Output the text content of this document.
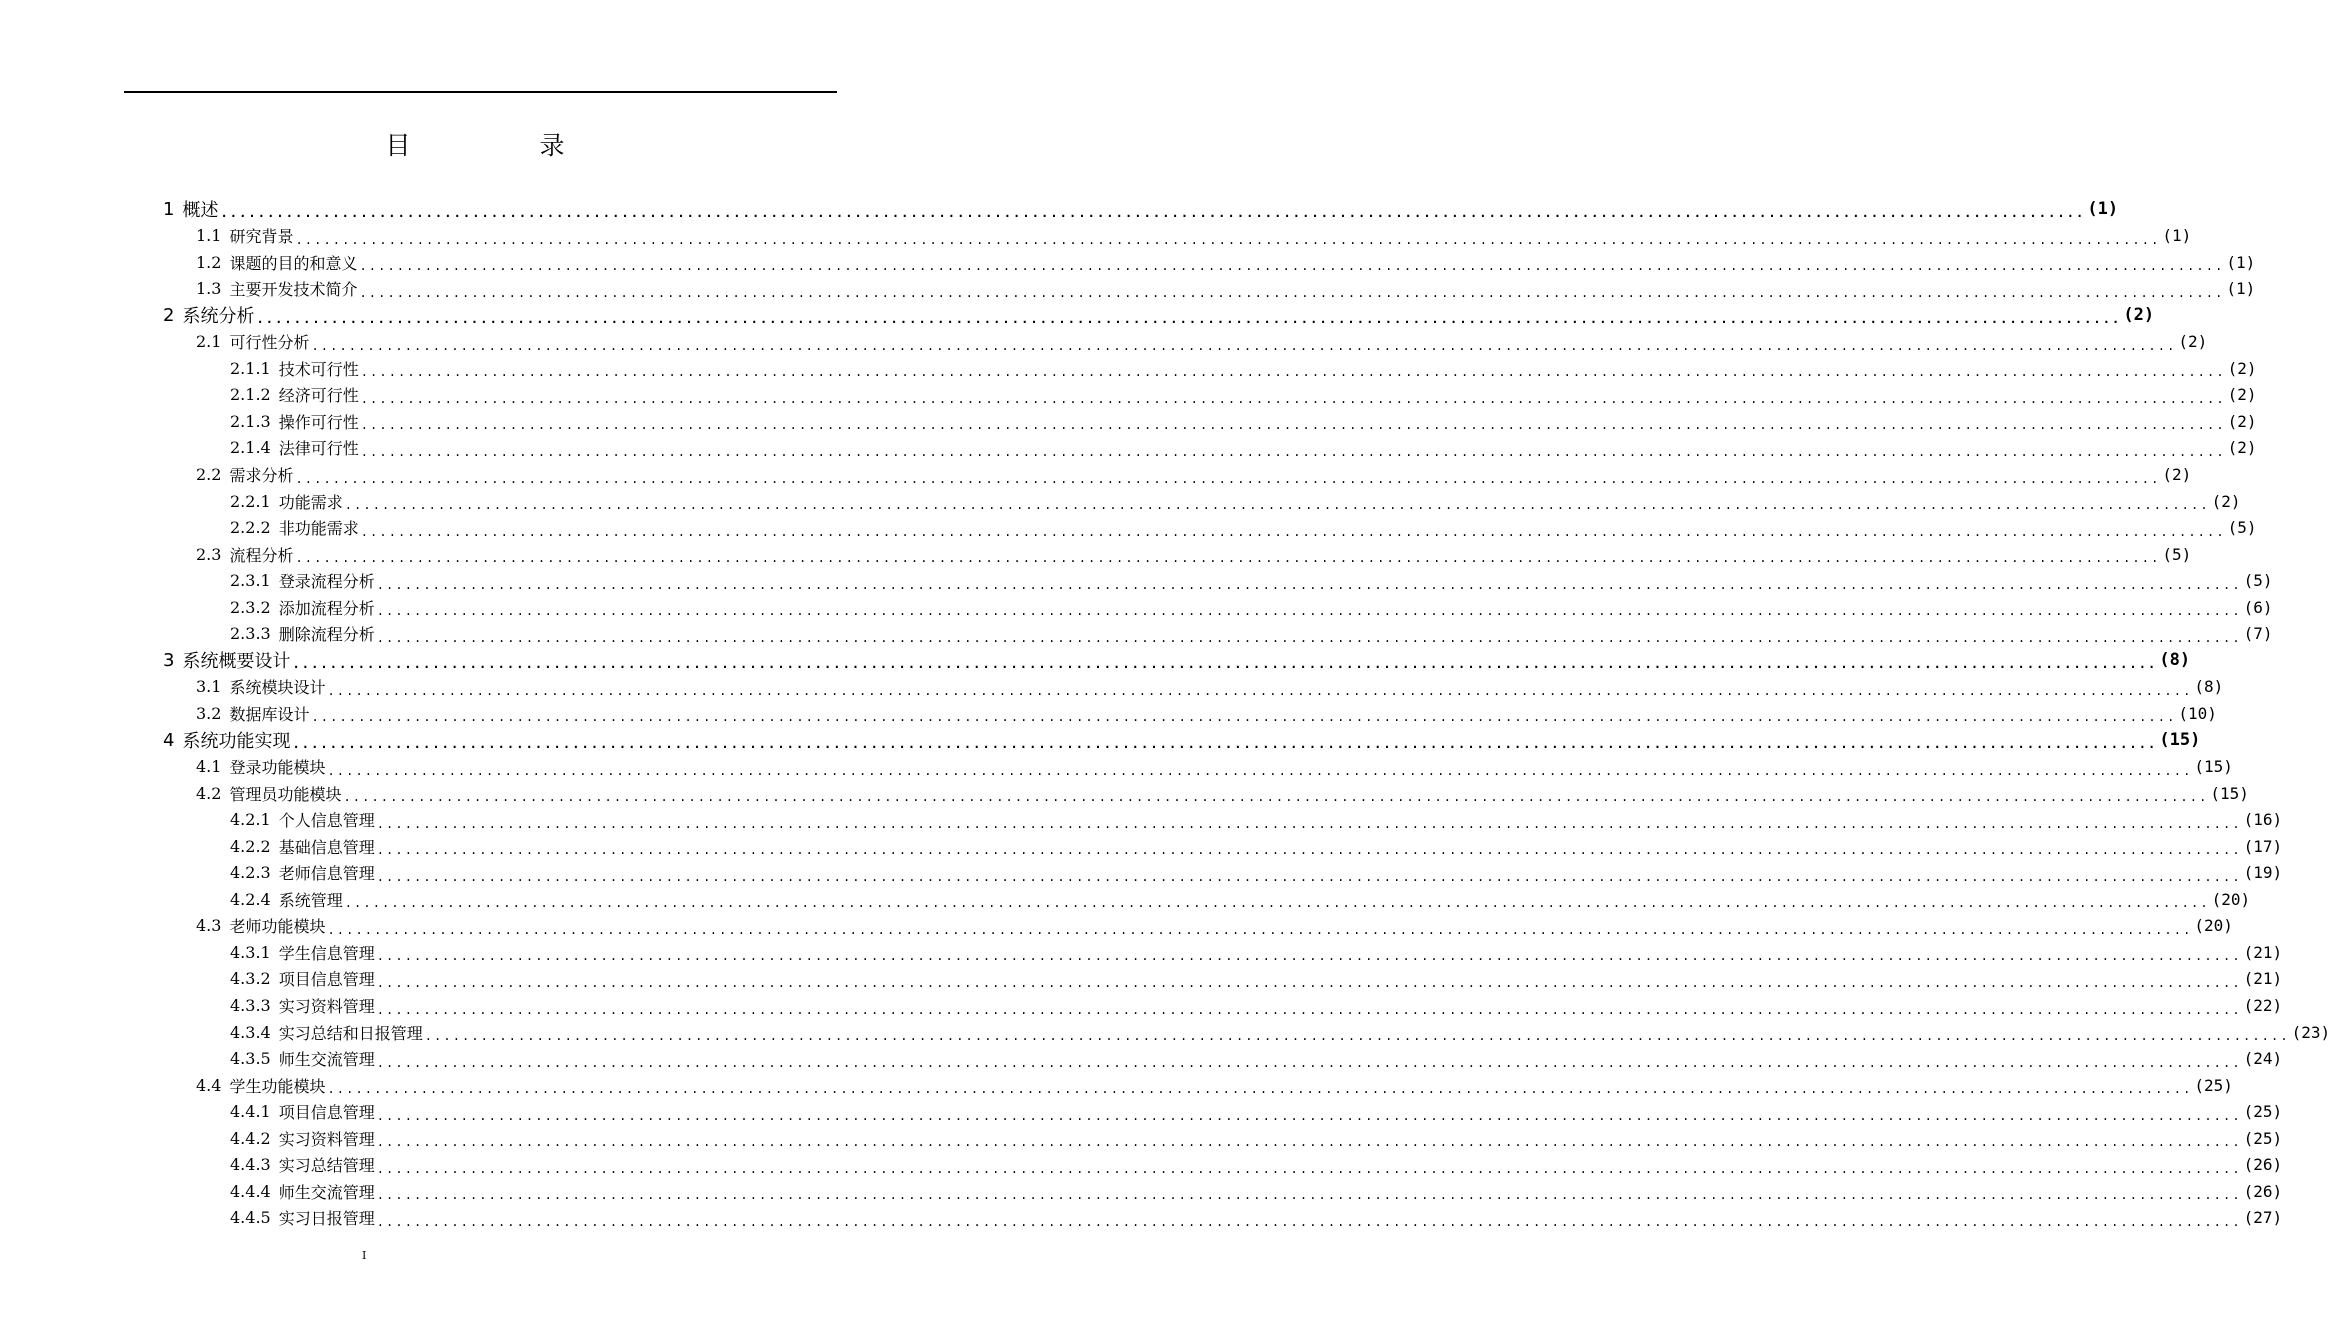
目　录
1 概述 ........................................................................................................................................................................................................ (1)
1.1 研究背景 ........................................................................................................................................................................................................ (1)
1.2 课题的目的和意义 ........................................................................................................................................................................................................ (1)
1.3 主要开发技术简介 ........................................................................................................................................................................................................ (1)
2 系统分析 ........................................................................................................................................................................................................ (2)
2.1 可行性分析 ........................................................................................................................................................................................................ (2)
2.1.1 技术可行性 ........................................................................................................................................................................................................ (2)
2.1.2 经济可行性 ........................................................................................................................................................................................................ (2)
2.1.3 操作可行性 ........................................................................................................................................................................................................ (2)
2.1.4 法律可行性 ........................................................................................................................................................................................................ (2)
2.2 需求分析 ........................................................................................................................................................................................................ (2)
2.2.1 功能需求 ........................................................................................................................................................................................................ (2)
2.2.2 非功能需求 ........................................................................................................................................................................................................ (5)
2.3 流程分析 ........................................................................................................................................................................................................ (5)
2.3.1 登录流程分析 ........................................................................................................................................................................................................ (5)
2.3.2 添加流程分析 ........................................................................................................................................................................................................ (6)
2.3.3 删除流程分析 ........................................................................................................................................................................................................ (7)
3 系统概要设计 ........................................................................................................................................................................................................ (8)
3.1 系统模块设计 ........................................................................................................................................................................................................ (8)
3.2 数据库设计 ........................................................................................................................................................................................................ (10)
4 系统功能实现 ........................................................................................................................................................................................................ (15)
4.1 登录功能模块 ........................................................................................................................................................................................................ (15)
4.2 管理员功能模块 ........................................................................................................................................................................................................ (15)
4.2.1 个人信息管理 ........................................................................................................................................................................................................ (16)
4.2.2 基础信息管理 ........................................................................................................................................................................................................ (17)
4.2.3 老师信息管理 ........................................................................................................................................................................................................ (19)
4.2.4 系统管理 ........................................................................................................................................................................................................ (20)
4.3 老师功能模块 ........................................................................................................................................................................................................ (20)
4.3.1 学生信息管理 ........................................................................................................................................................................................................ (21)
4.3.2 项目信息管理 ........................................................................................................................................................................................................ (21)
4.3.3 实习资料管理 ........................................................................................................................................................................................................ (22)
4.3.4 实习总结和日报管理 ........................................................................................................................................................................................................ (23)
4.3.5 师生交流管理 ........................................................................................................................................................................................................ (24)
4.4 学生功能模块 ........................................................................................................................................................................................................ (25)
4.4.1 项目信息管理 ........................................................................................................................................................................................................ (25)
4.4.2 实习资料管理 ........................................................................................................................................................................................................ (25)
4.4.3 实习总结管理 ........................................................................................................................................................................................................ (26)
4.4.4 师生交流管理 ........................................................................................................................................................................................................ (26)
4.4.5 实习日报管理 ........................................................................................................................................................................................................ (27)
I
